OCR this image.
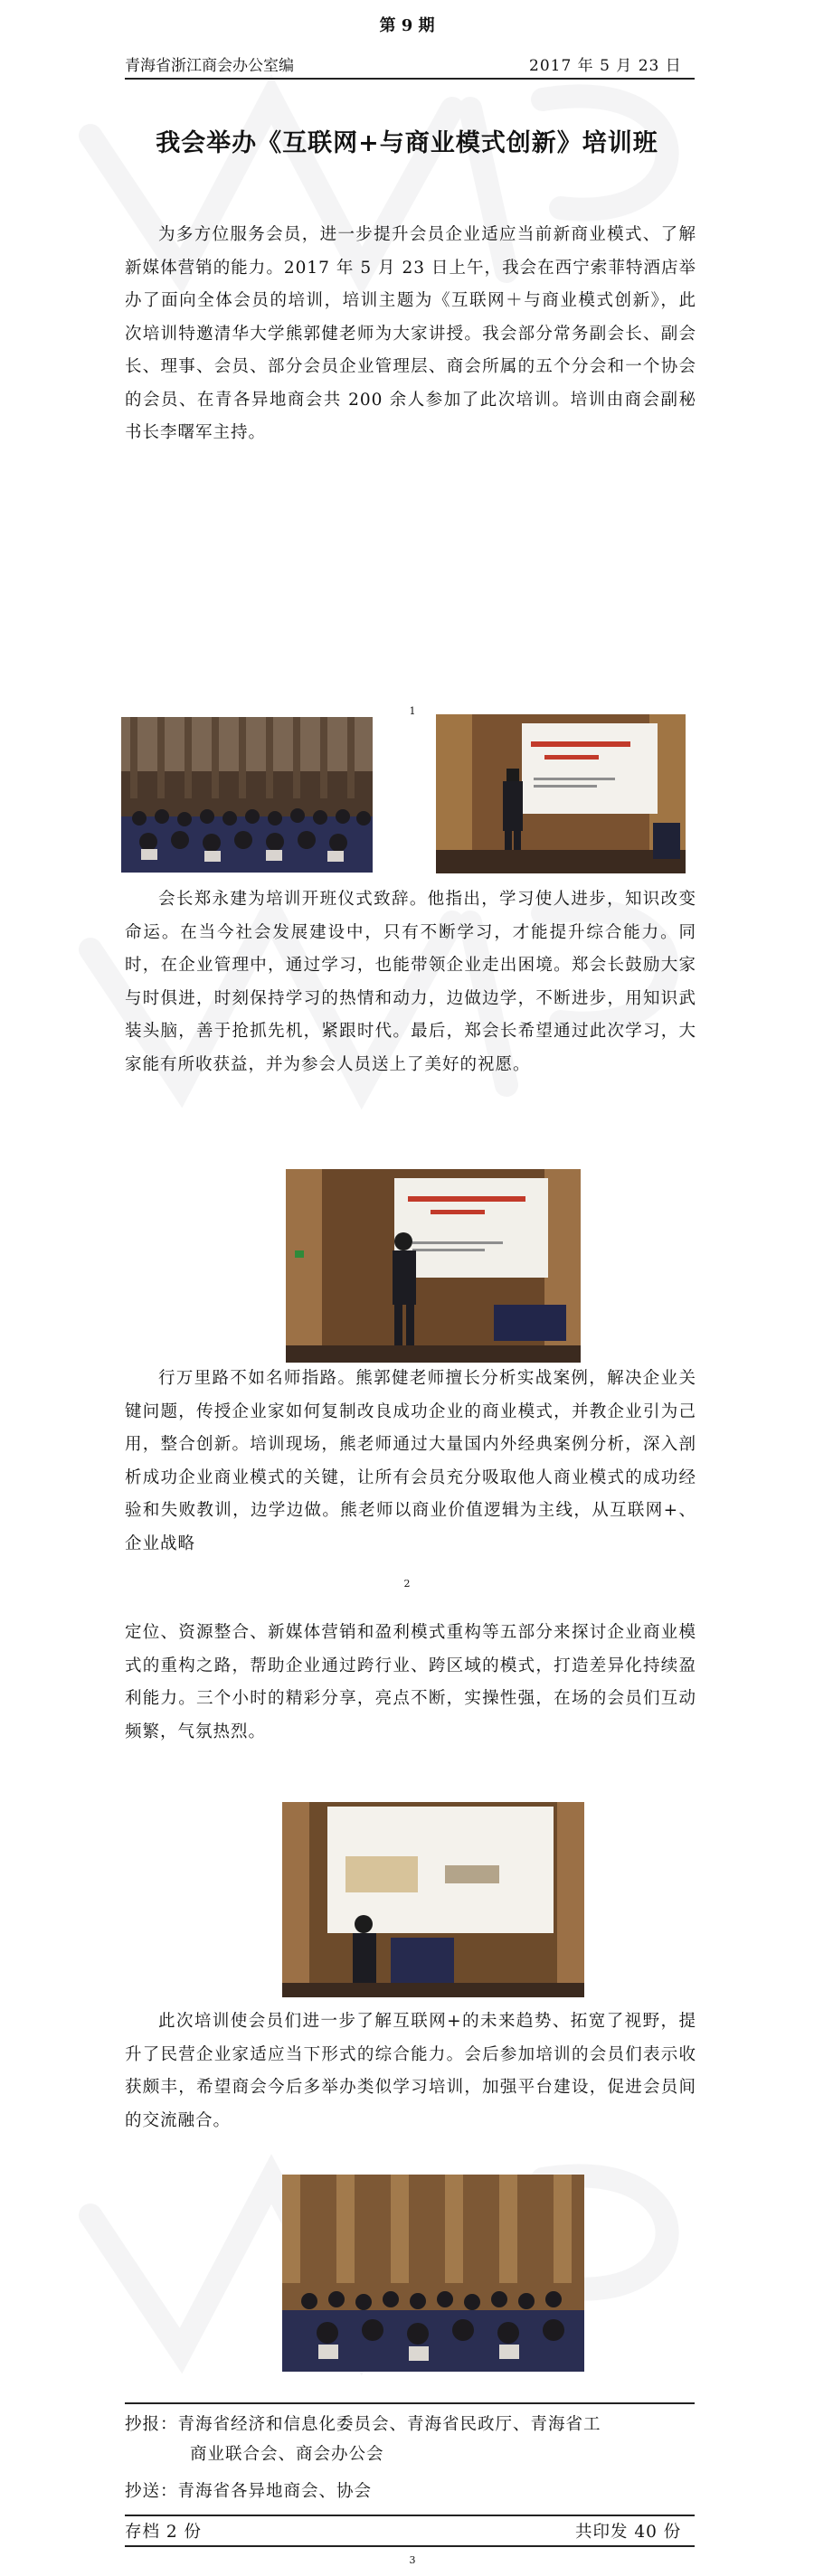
第 9 期
青海省浙江商会办公室编	2017 年 5 月 23 日
我会举办《互联网+与商业模式创新》培训班

为多方位服务会员，进一步提升会员企业适应当前新商业模式、了解新媒体营销的能力。2017 年 5 月 23 日上午，我会在西宁索菲特酒店举办了面向全体会员的培训，培训主题为《互联网＋与商业模式创新》，此次培训特邀清华大学熊郭健老师为大家讲授。我会部分常务副会长、副会长、理事、会员、部分会员企业管理层、商会所属的五个分会和一个协会的会员、在青各异地商会共 200 余人参加了此次培训。培训由商会副秘书长李曙军主持。

1

会长郑永建为培训开班仪式致辞。他指出，学习使人进步，知识改变命运。在当今社会发展建设中，只有不断学习，才能提升综合能力。同时，在企业管理中，通过学习，也能带领企业走出困境。郑会长鼓励大家与时俱进，时刻保持学习的热情和动力，边做边学，不断进步，用知识武装头脑，善于抢抓先机，紧跟时代。最后，郑会长希望通过此次学习，大家能有所收获益，并为参会人员送上了美好的祝愿。

行万里路不如名师指路。熊郭健老师擅长分析实战案例，解决企业关键问题，传授企业家如何复制改良成功企业的商业模式，并教企业引为己用，整合创新。培训现场，熊老师通过大量国内外经典案例分析，深入剖析成功企业商业模式的关键，让所有会员充分吸取他人商业模式的成功经验和失败教训，边学边做。熊老师以商业价值逻辑为主线，从互联网+、企业战略

2

定位、资源整合、新媒体营销和盈利模式重构等五部分来探讨企业商业模式的重构之路，帮助企业通过跨行业、跨区域的模式，打造差异化持续盈利能力。三个小时的精彩分享，亮点不断，实操性强，在场的会员们互动频繁，气氛热烈。

此次培训使会员们进一步了解互联网+的未来趋势、拓宽了视野，提升了民营企业家适应当下形式的综合能力。会后参加培训的会员们表示收获颇丰，希望商会今后多举办类似学习培训，加强平台建设，促进会员间的交流融合。

抄报：青海省经济和信息化委员会、青海省民政厅、青海省工
商业联合会、商会办公会
抄送：青海省各异地商会、协会
存档 2 份	共印发 40 份
3
